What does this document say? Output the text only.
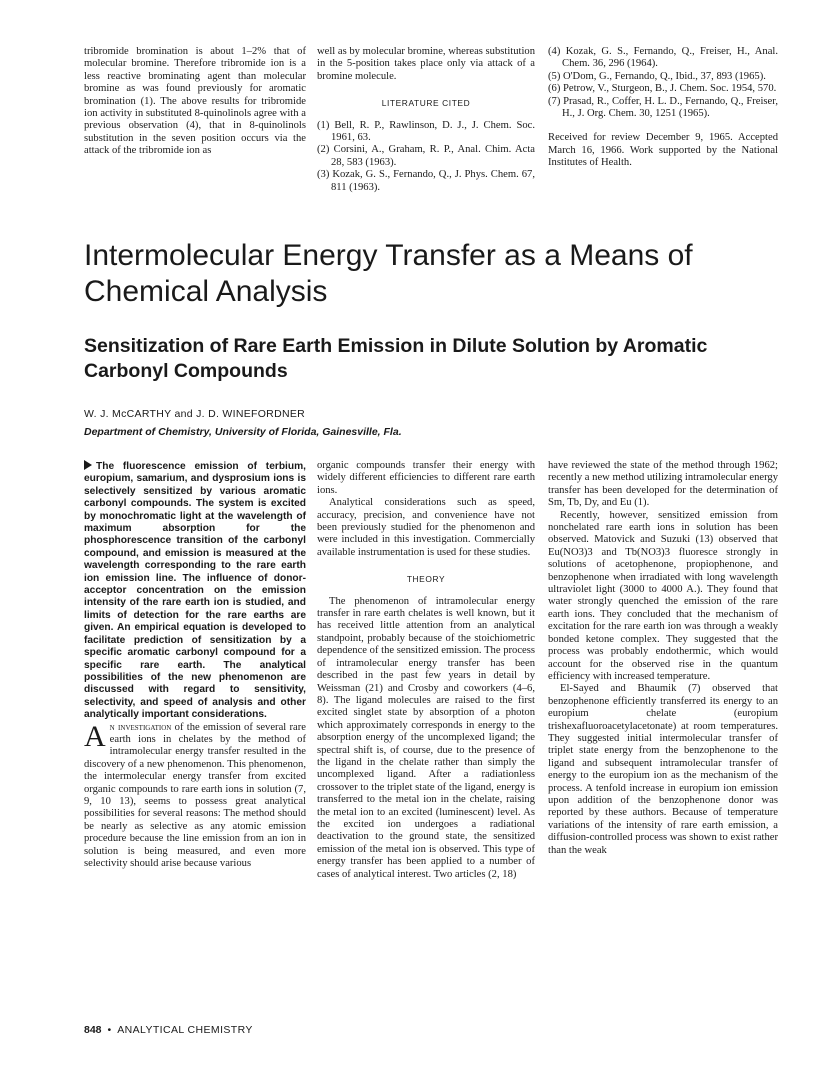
tribromide bromination is about 1–2% that of molecular bromine. Therefore tribromide ion is a less reactive brominating agent than molecular bromine as was found previously for aromatic bromination (1). The above results for tribromide ion activity in substituted 8-quinolinols agree with a previous observation (4), that in 8-quinolinols substitution in the seven position occurs via the attack of the tribromide ion as

well as by molecular bromine, whereas substitution in the 5-position takes place only via attack of a bromine molecule.

LITERATURE CITED

(1) Bell, R. P., Rawlinson, D. J., J. Chem. Soc. 1961, 63.

(2) Corsini, A., Graham, R. P., Anal. Chim. Acta 28, 583 (1963).

(3) Kozak, G. S., Fernando, Q., J. Phys. Chem. 67, 811 (1963).

(4) Kozak, G. S., Fernando, Q., Freiser, H., Anal. Chem. 36, 296 (1964).

(5) O'Dom, G., Fernando, Q., Ibid., 37, 893 (1965).

(6) Petrow, V., Sturgeon, B., J. Chem. Soc. 1954, 570.

(7) Prasad, R., Coffer, H. L. D., Fernando, Q., Freiser, H., J. Org. Chem. 30, 1251 (1965).

Received for review December 9, 1965. Accepted March 16, 1966. Work supported by the National Institutes of Health.

Intermolecular Energy Transfer as a Means of Chemical Analysis
Sensitization of Rare Earth Emission in Dilute Solution by Aromatic Carbonyl Compounds
W. J. McCARTHY and J. D. WINEFORDNER
Department of Chemistry, University of Florida, Gainesville, Fla.

The fluorescence emission of terbium, europium, samarium, and dysprosium ions is selectively sensitized by various aromatic carbonyl compounds. The system is excited by monochromatic light at the wavelength of maximum absorption for the phosphorescence transition of the carbonyl compound, and emission is measured at the wavelength corresponding to the rare earth ion emission line. The influence of donor-acceptor concentration on the emission intensity of the rare earth ion is studied, and limits of detection for the rare earths are given. An empirical equation is developed to facilitate prediction of sensitization by a specific aromatic carbonyl compound for a specific rare earth. The analytical possibilities of the new phenomenon are discussed with regard to sensitivity, selectivity, and speed of analysis and other analytically important considerations.

An investigation of the emission of several rare earth ions in chelates by the method of intramolecular energy transfer resulted in the discovery of a new phenomenon. This phenomenon, the intermolecular energy transfer from excited organic compounds to rare earth ions in solution (7, 9, 10 13), seems to possess great analytical possibilities for several reasons: The method should be nearly as selective as any atomic emission procedure because the line emission from an ion in solution is being measured, and even more selectivity should arise because various

organic compounds transfer their energy with widely different efficiencies to different rare earth ions.

Analytical considerations such as speed, accuracy, precision, and convenience have not been previously studied for the phenomenon and were included in this investigation. Commercially available instrumentation is used for these studies.

THEORY

The phenomenon of intramolecular energy transfer in rare earth chelates is well known, but it has received little attention from an analytical standpoint, probably because of the stoichiometric dependence of the sensitized emission. The process of intramolecular energy transfer has been described in the past few years in detail by Weissman (21) and Crosby and coworkers (4–6, 8). The ligand molecules are raised to the first excited singlet state by absorption of a photon which approximately corresponds in energy to the absorption energy of the uncomplexed ligand; the spectral shift is, of course, due to the presence of the ligand in the chelate rather than simply the uncomplexed ligand. After a radiationless crossover to the triplet state of the ligand, energy is transferred to the metal ion in the chelate, raising the metal ion to an excited (luminescent) level. As the excited ion undergoes a radiational deactivation to the ground state, the sensitized emission of the metal ion is observed. This type of energy transfer has been applied to a number of cases of analytical interest. Two articles (2, 18)

have reviewed the state of the method through 1962; recently a new method utilizing intramolecular energy transfer has been developed for the determination of Sm, Tb, Dy, and Eu (1).

Recently, however, sensitized emission from nonchelated rare earth ions in solution has been observed. Matovick and Suzuki (13) observed that Eu(NO3)3 and Tb(NO3)3 fluoresce strongly in solutions of acetophenone, propiophenone, and benzophenone when irradiated with long wavelength ultraviolet light (3000 to 4000 A.). They found that water strongly quenched the emission of the rare earth ions. They concluded that the mechanism of excitation for the rare earth ion was through a weakly bonded ketone complex. They suggested that the process was probably endothermic, which would account for the observed rise in the quantum efficiency with increased temperature.

El-Sayed and Bhaumik (7) observed that benzophenone efficiently transferred its energy to an europium chelate (europium trishexafluoroacetylacetonate) at room temperatures. They suggested initial intermolecular transfer of triplet state energy from the benzophenone to the ligand and subsequent intramolecular transfer of energy to the europium ion as the mechanism of the process. A tenfold increase in europium ion emission upon addition of the benzophenone donor was reported by these authors. Because of temperature variations of the intensity of rare earth emission, a diffusion-controlled process was shown to exist rather than the weak

848 • ANALYTICAL CHEMISTRY
